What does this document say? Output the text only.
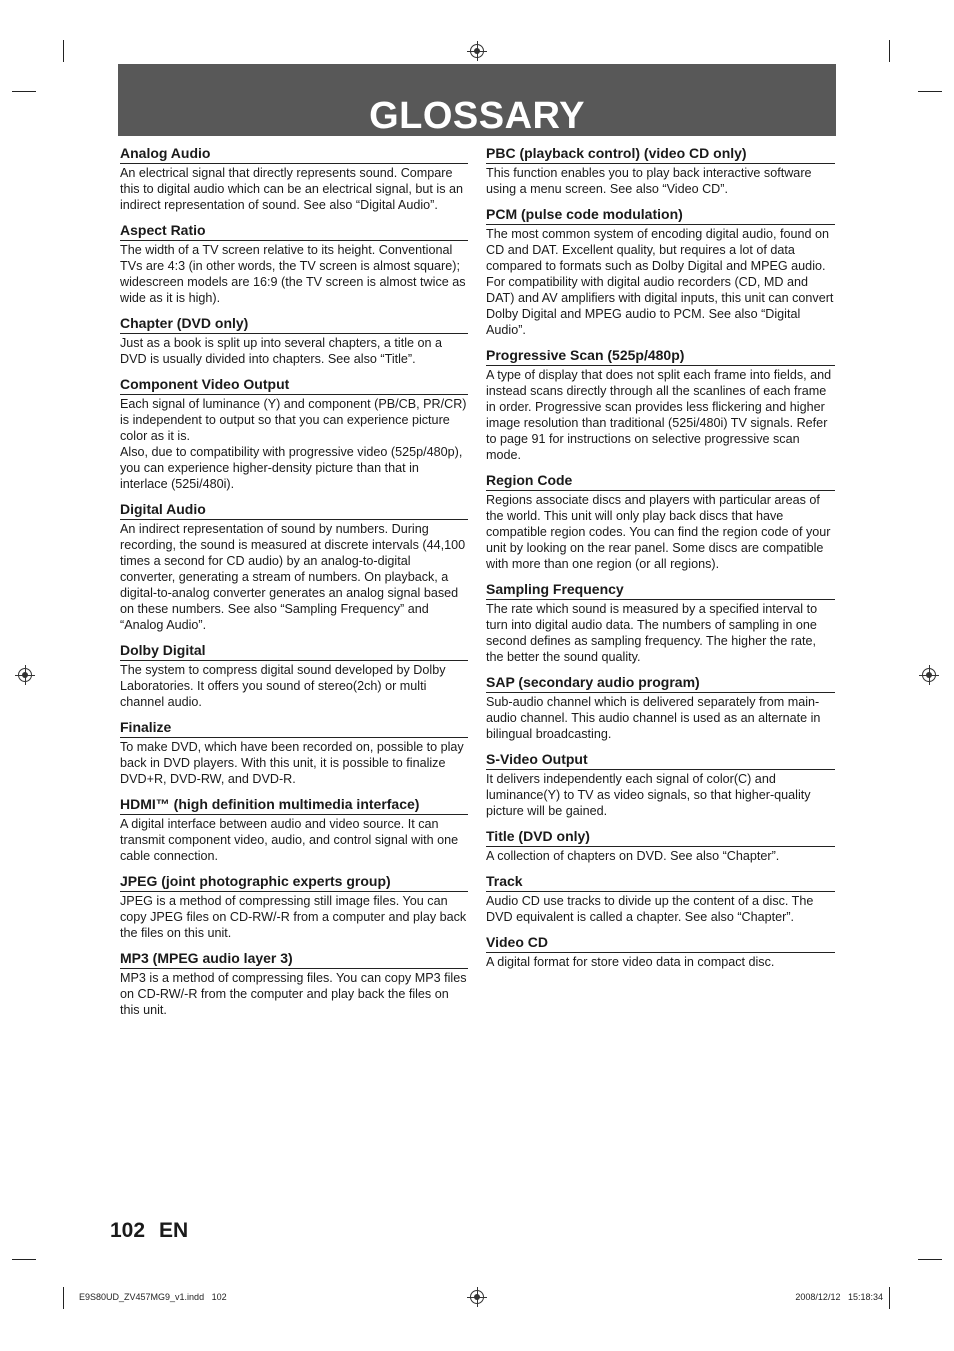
GLOSSARY
Analog Audio
An electrical signal that directly represents sound. Compare this to digital audio which can be an electrical signal, but is an indirect representation of sound. See also “Digital Audio”.
Aspect Ratio
The width of a TV screen relative to its height. Conventional TVs are 4:3 (in other words, the TV screen is almost square); widescreen models are 16:9 (the TV screen is almost twice as wide as it is high).
Chapter (DVD only)
Just as a book is split up into several chapters, a title on a DVD is usually divided into chapters. See also “Title”.
Component Video Output
Each signal of luminance (Y) and component (PB/CB, PR/CR) is independent to output so that you can experience picture color as it is.
Also, due to compatibility with progressive video (525p/480p), you can experience higher-density picture than that in interlace (525i/480i).
Digital Audio
An indirect representation of sound by numbers. During recording, the sound is measured at discrete intervals (44,100 times a second for CD audio) by an analog-to-digital converter, generating a stream of numbers. On playback, a digital-to-analog converter generates an analog signal based on these numbers. See also “Sampling Frequency” and “Analog Audio”.
Dolby Digital
The system to compress digital sound developed by Dolby Laboratories. It offers you sound of stereo(2ch) or multi channel audio.
Finalize
To make DVD, which have been recorded on, possible to play back in DVD players. With this unit, it is possible to finalize DVD+R, DVD-RW, and DVD-R.
HDMI™ (high definition multimedia interface)
A digital interface between audio and video source. It can transmit component video, audio, and control signal with one cable connection.
JPEG (joint photographic experts group)
JPEG is a method of compressing still image files. You can copy JPEG files on CD-RW/-R from a computer and play back the files on this unit.
MP3 (MPEG audio layer 3)
MP3 is a method of compressing files. You can copy MP3 files on CD-RW/-R from the computer and play back the files on this unit.
PBC (playback control) (video CD only)
This function enables you to play back interactive software using a menu screen. See also “Video CD”.
PCM (pulse code modulation)
The most common system of encoding digital audio, found on CD and DAT. Excellent quality, but requires a lot of data compared to formats such as Dolby Digital and MPEG audio. For compatibility with digital audio recorders (CD, MD and DAT) and AV amplifiers with digital inputs, this unit can convert Dolby Digital and MPEG audio to PCM. See also “Digital Audio”.
Progressive Scan (525p/480p)
A type of display that does not split each frame into fields, and instead scans directly through all the scanlines of each frame in order. Progressive scan provides less flickering and higher image resolution than traditional (525i/480i) TV signals. Refer to page 91 for instructions on selective progressive scan mode.
Region Code
Regions associate discs and players with particular areas of the world. This unit will only play back discs that have compatible region codes. You can find the region code of your unit by looking on the rear panel. Some discs are compatible with more than one region (or all regions).
Sampling Frequency
The rate which sound is measured by a specified interval to turn into digital audio data. The numbers of sampling in one second defines as sampling frequency. The higher the rate, the better the sound quality.
SAP (secondary audio program)
Sub-audio channel which is delivered separately from main-audio channel. This audio channel is used as an alternate in bilingual broadcasting.
S-Video Output
It delivers independently each signal of color(C) and luminance(Y) to TV as video signals, so that higher-quality picture will be gained.
Title (DVD only)
A collection of chapters on DVD. See also “Chapter”.
Track
Audio CD use tracks to divide up the content of a disc. The DVD equivalent is called a chapter. See also “Chapter”.
Video CD
A digital format for store video data in compact disc.
102 EN
E9S80UD_ZV457MG9_v1.indd   102	2008/12/12   15:18:34
